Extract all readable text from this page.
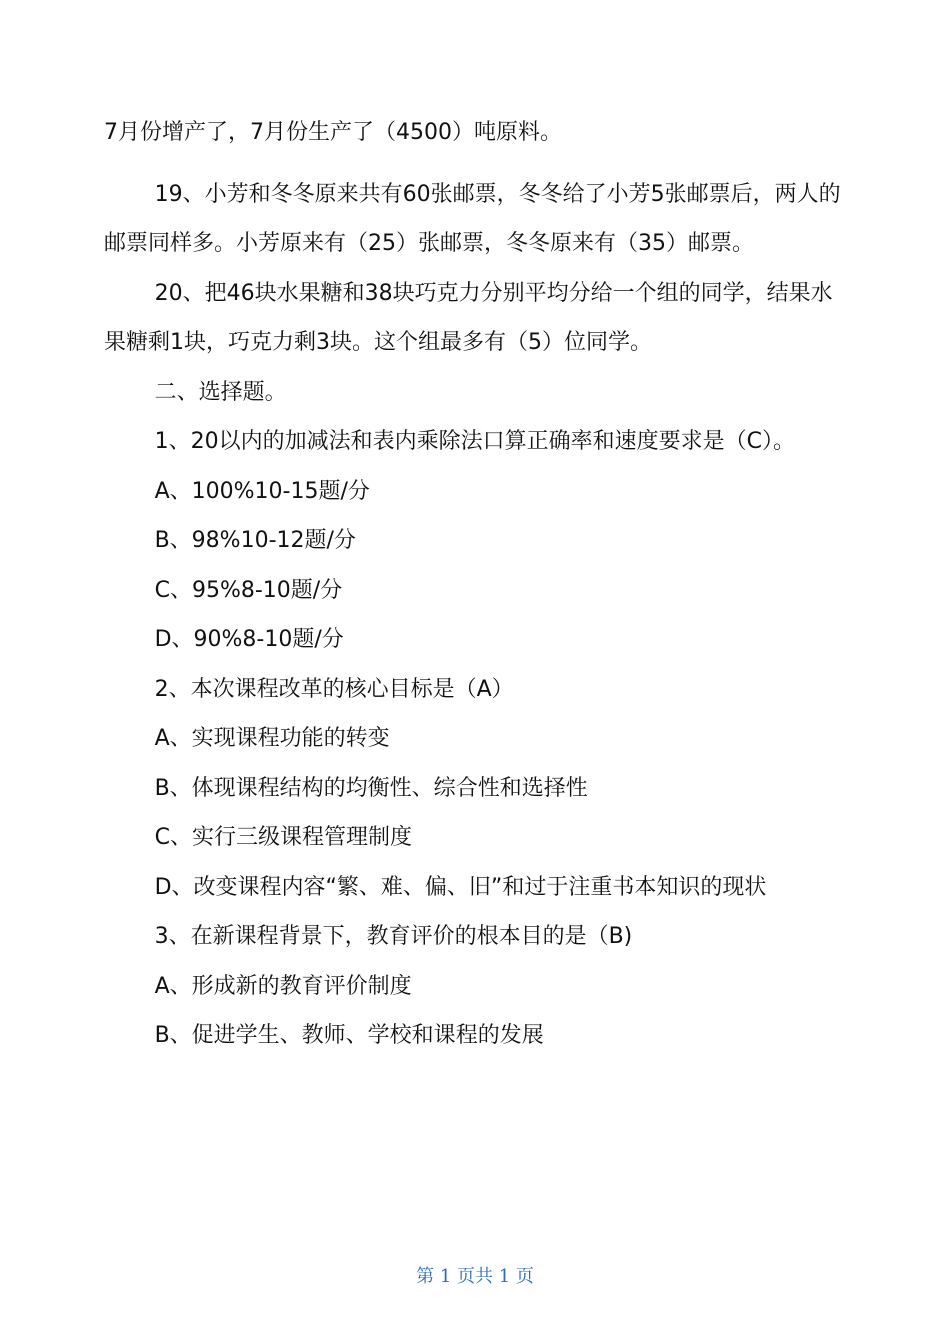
7月份增产了，7月份生产了（4500）吨原料。

19、小芳和冬冬原来共有60张邮票，冬冬给了小芳5张邮票后，两人的邮票同样多。小芳原来有（25）张邮票，冬冬原来有（35）邮票。

20、把46块水果糖和38块巧克力分别平均分给一个组的同学，结果水果糖剩1块，巧克力剩3块。这个组最多有（5）位同学。

二、选择题。

1、20以内的加减法和表内乘除法口算正确率和速度要求是（C）。

A、100%10-15题/分

B、98%10-12题/分

C、95%8-10题/分

D、90%8-10题/分

2、本次课程改革的核心目标是（A）

A、实现课程功能的转变

B、体现课程结构的均衡性、综合性和选择性

C、实行三级课程管理制度

D、改变课程内容“繁、难、偏、旧”和过于注重书本知识的现状

3、在新课程背景下，教育评价的根本目的是（B)

A、形成新的教育评价制度

B、促进学生、教师、学校和课程的发展

第 1 页共 1 页
